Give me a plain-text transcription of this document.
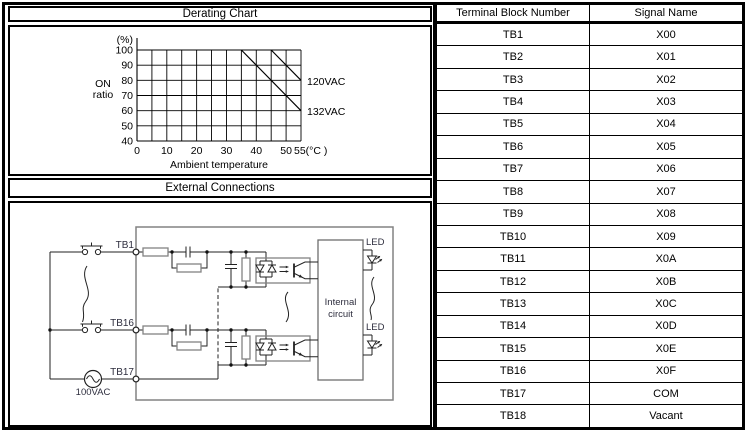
Derating Chart
100
90
80
70
60
50
40
0 10 20 30 40 50 55(°C )
120VAC
132VAC
(%)
ON
ratio
Ambient temperature
External Connections
TB1
TB16
TB17
100VAC
LED
LED
Internal
circuit
Terminal Block Number	Signal Name
TB1	X00
TB2	X01
TB3	X02
TB4	X03
TB5	X04
TB6	X05
TB7	X06
TB8	X07
TB9	X08
TB10	X09
TB11	X0A
TB12	X0B
TB13	X0C
TB14	X0D
TB15	X0E
TB16	X0F
TB17	COM
TB18	Vacant
